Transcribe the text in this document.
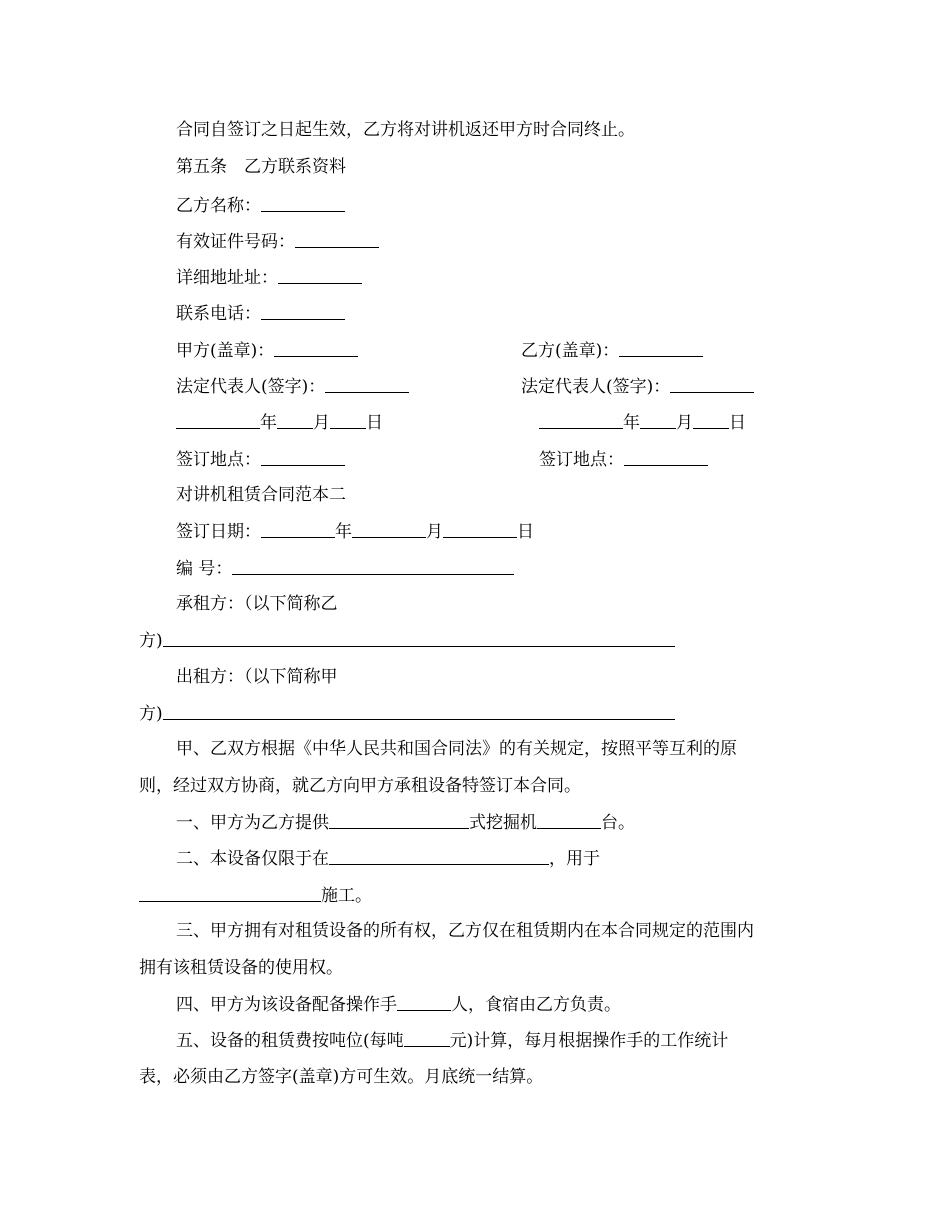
合同自签订之日起生效，乙方将对讲机返还甲方时合同终止。
第五条　乙方联系资料
乙方名称：
有效证件号码：
详细地址址：
联系电话：
甲方(盖章)：	乙方(盖章)：
法定代表人(签字)：	法定代表人(签字)：
年 月 日	年 月 日
签订地点：	签订地点：
对讲机租赁合同范本二
签订日期：	年	月	日
编 号：
承租方：（以下简称乙
方)
出租方：（以下简称甲
方)
甲、乙双方根据《中华人民共和国合同法》的有关规定，按照平等互利的原
则，经过双方协商，就乙方向甲方承租设备特签订本合同。
一、甲方为乙方提供	式挖掘机	台。
二、本设备仅限于在	，用于
施工。
三、甲方拥有对租赁设备的所有权，乙方仅在租赁期内在本合同规定的范围内
拥有该租赁设备的使用权。
四、甲方为该设备配备操作手	人，食宿由乙方负责。
五、设备的租赁费按吨位(每吨	元)计算，每月根据操作手的工作统计
表，必须由乙方签字(盖章)方可生效。月底统一结算。
